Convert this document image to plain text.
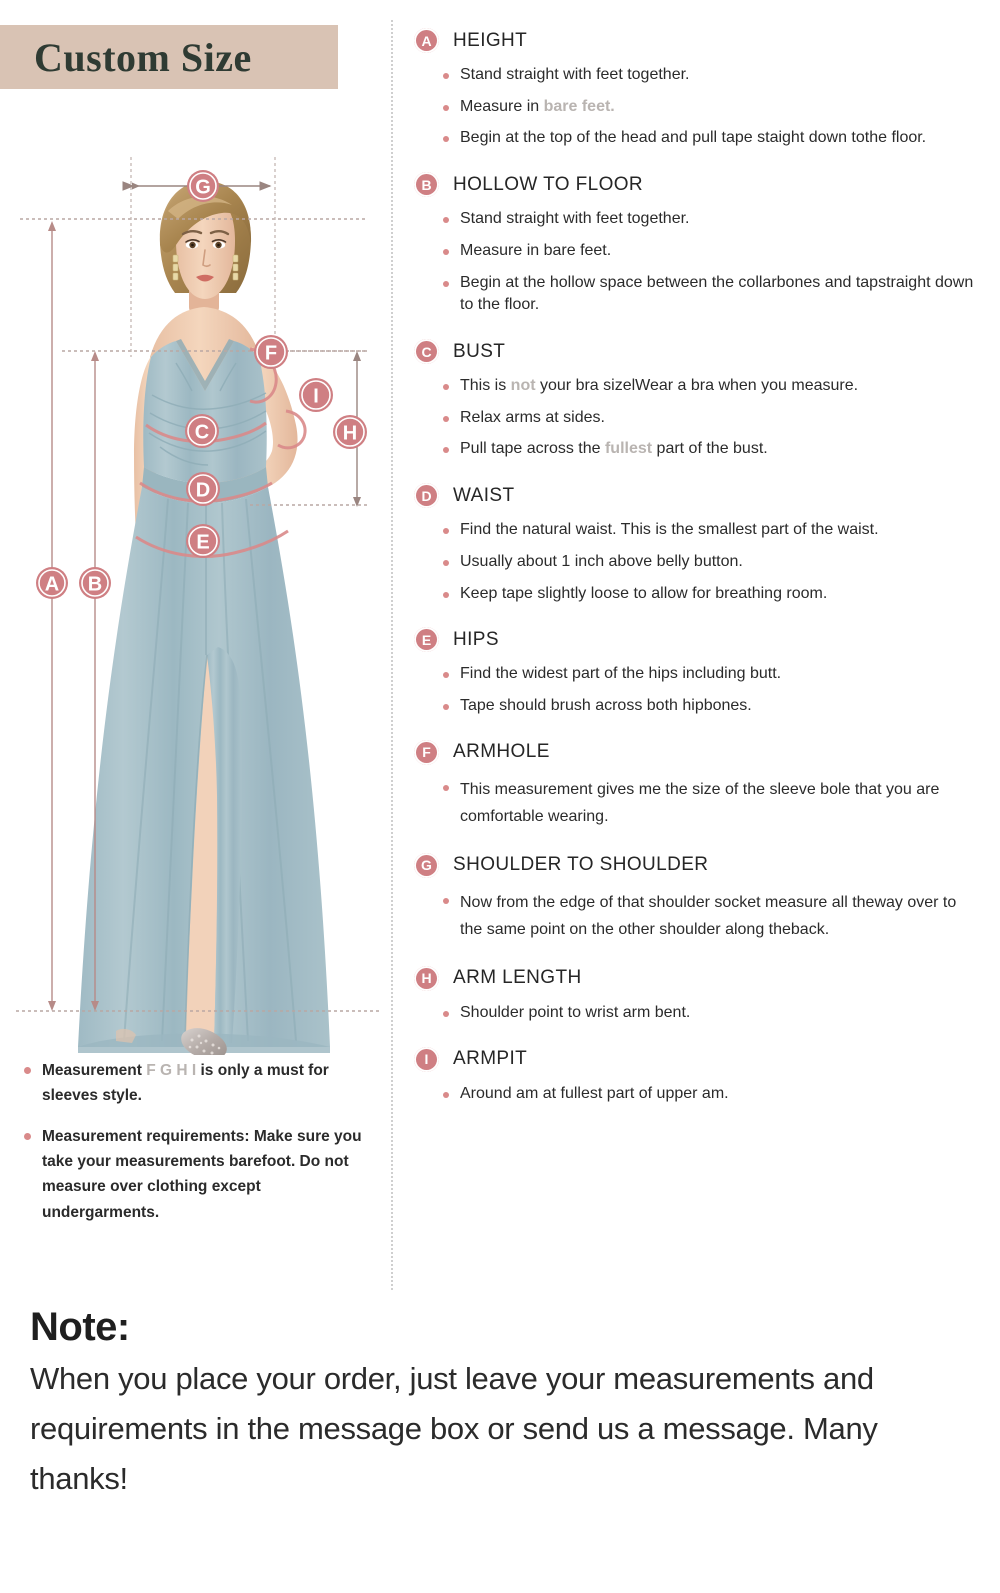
Custom Size
G
A B
F
I
H
C
D
E
Measurement F G H I is only a must for sleeves style.
Measurement requirements: Make sure you take your measurements barefoot. Do not measure over clothing except undergarments.
A HEIGHT
Stand straight with feet together.
Measure in bare feet.
Begin at the top of the head and pull tape staight down tothe floor.
B HOLLOW TO FLOOR
Stand straight with feet together.
Measure in bare feet.
Begin at the hollow space between the collarbones and tapstraight down to the floor.
C BUST
This is not your bra sizelWear a bra when you measure.
Relax arms at sides.
Pull tape across the fullest part of the bust.
D WAIST
Find the natural waist. This is the smallest part of the waist.
Usually about 1 inch above belly button.
Keep tape slightly loose to allow for breathing room.
E HIPS
Find the widest part of the hips including butt.
Tape should brush across both hipbones.
F ARMHOLE
This measurement gives me the size of the sleeve bole that you are comfortable wearing.
G SHOULDER TO SHOULDER
Now from the edge of that shoulder socket measure all theway over to the same point on the other shoulder along theback.
H ARM LENGTH
Shoulder point to wrist arm bent.
I ARMPIT
Around am at fullest part of upper am.
Note:
When you place your order, just leave your measurements and requirements in the message box or send us a message. Many thanks!
